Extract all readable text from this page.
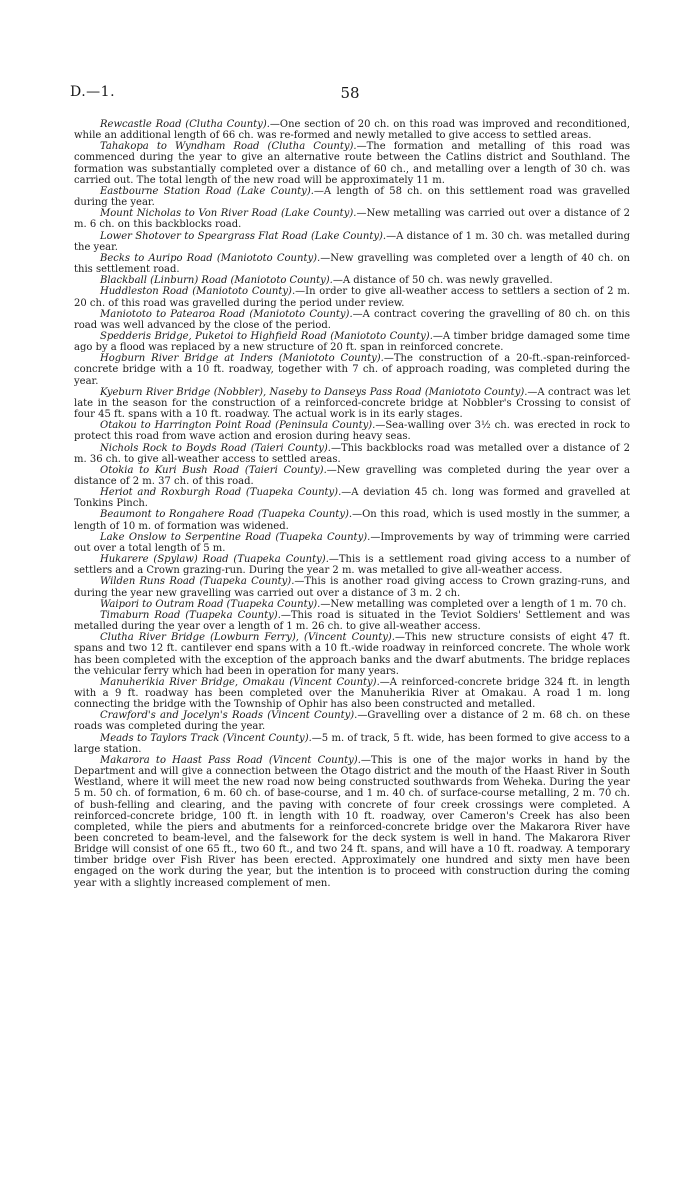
D.—1.	58

Rewcastle Road (Clutha County).—One section of 20 ch. on this road was improved and reconditioned, while an additional length of 66 ch. was re-formed and newly metalled to give access to settled areas.

Tahakopa to Wyndham Road (Clutha County).—The formation and metalling of this road was commenced during the year to give an alternative route between the Catlins district and Southland. The formation was substantially completed over a distance of 60 ch., and metalling over a length of 30 ch. was carried out. The total length of the new road will be approximately 11 m.

Eastbourne Station Road (Lake County).—A length of 58 ch. on this settlement road was gravelled during the year.

Mount Nicholas to Von River Road (Lake County).—New metalling was carried out over a distance of 2 m. 6 ch. on this backblocks road.

Lower Shotover to Speargrass Flat Road (Lake County).—A distance of 1 m. 30 ch. was metalled during the year.

Becks to Auripo Road (Maniototo County).—New gravelling was completed over a length of 40 ch. on this settlement road.

Blackball (Linburn) Road (Maniototo County).—A distance of 50 ch. was newly gravelled.

Huddleston Road (Maniototo County).—In order to give all-weather access to settlers a section of 2 m. 20 ch. of this road was gravelled during the period under review.

Maniototo to Patearoa Road (Maniototo County).—A contract covering the gravelling of 80 ch. on this road was well advanced by the close of the period.

Spedderis Bridge, Puketoi to Highfield Road (Maniototo County).—A timber bridge damaged some time ago by a flood was replaced by a new structure of 20 ft. span in reinforced concrete.

Hogburn River Bridge at Inders (Maniototo County).—The construction of a 20-ft.-span-reinforced-concrete bridge with a 10 ft. roadway, together with 7 ch. of approach roading, was completed during the year.

Kyeburn River Bridge (Nobbler), Naseby to Danseys Pass Road (Maniototo County).—A contract was let late in the season for the construction of a reinforced-concrete bridge at Nobbler's Crossing to consist of four 45 ft. spans with a 10 ft. roadway. The actual work is in its early stages.

Otakou to Harrington Point Road (Peninsula County).—Sea-walling over 3½ ch. was erected in rock to protect this road from wave action and erosion during heavy seas.

Nichols Rock to Boyds Road (Taieri County).—This backblocks road was metalled over a distance of 2 m. 36 ch. to give all-weather access to settled areas.

Otokia to Kuri Bush Road (Taieri County).—New gravelling was completed during the year over a distance of 2 m. 37 ch. of this road.

Heriot and Roxburgh Road (Tuapeka County).—A deviation 45 ch. long was formed and gravelled at Tonkins Pinch.

Beaumont to Rongahere Road (Tuapeka County).—On this road, which is used mostly in the summer, a length of 10 m. of formation was widened.

Lake Onslow to Serpentine Road (Tuapeka County).—Improvements by way of trimming were carried out over a total length of 5 m.

Hukarere (Spylaw) Road (Tuapeka County).—This is a settlement road giving access to a number of settlers and a Crown grazing-run. During the year 2 m. was metalled to give all-weather access.

Wilden Runs Road (Tuapeka County).—This is another road giving access to Crown grazing-runs, and during the year new gravelling was carried out over a distance of 3 m. 2 ch.

Waipori to Outram Road (Tuapeka County).—New metalling was completed over a length of 1 m. 70 ch.

Timaburn Road (Tuapeka County).—This road is situated in the Teviot Soldiers' Settlement and was metalled during the year over a length of 1 m. 26 ch. to give all-weather access.

Clutha River Bridge (Lowburn Ferry), (Vincent County).—This new structure consists of eight 47 ft. spans and two 12 ft. cantilever end spans with a 10 ft.-wide roadway in reinforced concrete. The whole work has been completed with the exception of the approach banks and the dwarf abutments. The bridge replaces the vehicular ferry which had been in operation for many years.

Manuherikia River Bridge, Omakau (Vincent County).—A reinforced-concrete bridge 324 ft. in length with a 9 ft. roadway has been completed over the Manuherikia River at Omakau. A road 1 m. long connecting the bridge with the Township of Ophir has also been constructed and metalled.

Crawford's and Jocelyn's Roads (Vincent County).—Gravelling over a distance of 2 m. 68 ch. on these roads was completed during the year.

Meads to Taylors Track (Vincent County).—5 m. of track, 5 ft. wide, has been formed to give access to a large station.

Makarora to Haast Pass Road (Vincent County).—This is one of the major works in hand by the Department and will give a connection between the Otago district and the mouth of the Haast River in South Westland, where it will meet the new road now being constructed southwards from Weheka. During the year 5 m. 50 ch. of formation, 6 m. 60 ch. of base-course, and 1 m. 40 ch. of surface-course metalling, 2 m. 70 ch. of bush-felling and clearing, and the paving with concrete of four creek crossings were completed. A reinforced-concrete bridge, 100 ft. in length with 10 ft. roadway, over Cameron's Creek has also been completed, while the piers and abutments for a reinforced-concrete bridge over the Makarora River have been concreted to beam-level, and the falsework for the deck system is well in hand. The Makarora River Bridge will consist of one 65 ft., two 60 ft., and two 24 ft. spans, and will have a 10 ft. roadway. A temporary timber bridge over Fish River has been erected. Approximately one hundred and sixty men have been engaged on the work during the year, but the intention is to proceed with construction during the coming year with a slightly increased complement of men.
